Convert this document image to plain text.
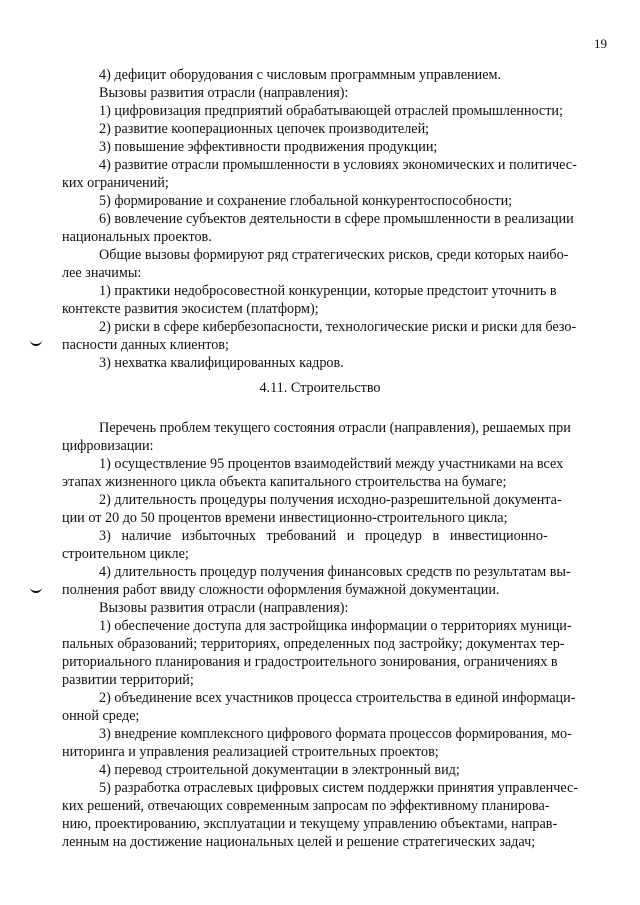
19
4) дефицит оборудования с числовым программным управлением.
Вызовы развития отрасли (направления):
1) цифровизация предприятий обрабатывающей отраслей промышленности;
2) развитие кооперационных цепочек производителей;
3) повышение эффективности продвижения продукции;
4) развитие отрасли промышленности в условиях экономических и политичес-
ких ограничений;
5) формирование и сохранение глобальной конкурентоспособности;
6) вовлечение субъектов деятельности в сфере промышленности в реализации
национальных проектов.
Общие вызовы формируют ряд стратегических рисков, среди которых наибо-
лее значимы:
1) практики недобросовестной конкуренции, которые предстоит уточнить в
контексте развития экосистем (платформ);
2) риски в сфере кибербезопасности, технологические риски и риски для безо-
пасности данных клиентов;
3) нехватка квалифицированных кадров.
4.11. Строительство
Перечень проблем текущего состояния отрасли (направления), решаемых при
цифровизации:
1) осуществление 95 процентов взаимодействий между участниками на всех
этапах жизненного цикла объекта капитального строительства на бумаге;
2) длительность процедуры получения исходно-разрешительной документа-
ции от 20 до 50 процентов времени инвестиционно-строительного цикла;
3)   наличие   избыточных   требований   и   процедур   в   инвестиционно-
строительном цикле;
4) длительность процедур получения финансовых средств по результатам вы-
полнения работ ввиду сложности оформления бумажной документации.
Вызовы развития отрасли (направления):
1) обеспечение доступа для застройщика информации о территориях муници-
пальных образований; территориях, определенных под застройку; документах тер-
риториального планирования и градостроительного зонирования, ограничениях в
развитии территорий;
2) объединение всех участников процесса строительства в единой информаци-
онной среде;
3) внедрение комплексного цифрового формата процессов формирования, мо-
ниторинга и управления реализацией строительных проектов;
4) перевод строительной документации в электронный вид;
5) разработка отраслевых цифровых систем поддержки принятия управленчес-
ких решений, отвечающих современным запросам по эффективному планирова-
нию, проектированию, эксплуатации и текущему управлению объектами, направ-
ленным на достижение национальных целей и решение стратегических задач;
